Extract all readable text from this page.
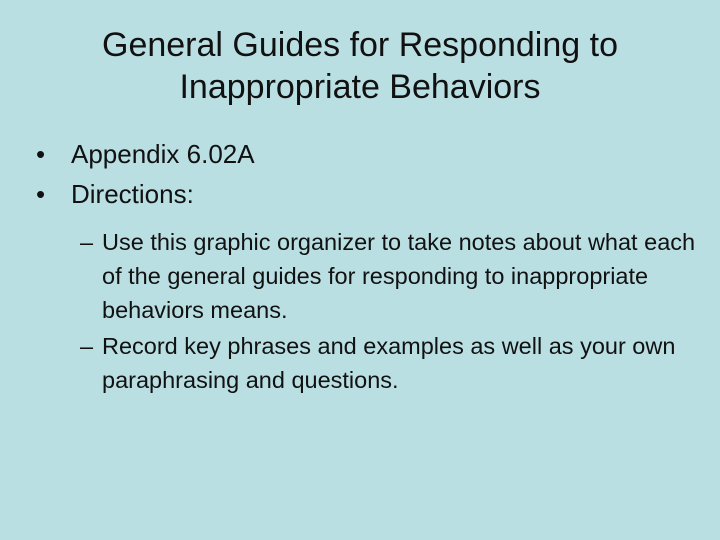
General Guides for Responding to
Inappropriate Behaviors
• Appendix 6.02A
• Directions:
– Use this graphic organizer to take notes about what each of the general guides for responding to inappropriate behaviors means.
– Record key phrases and examples as well as your own paraphrasing and questions.
